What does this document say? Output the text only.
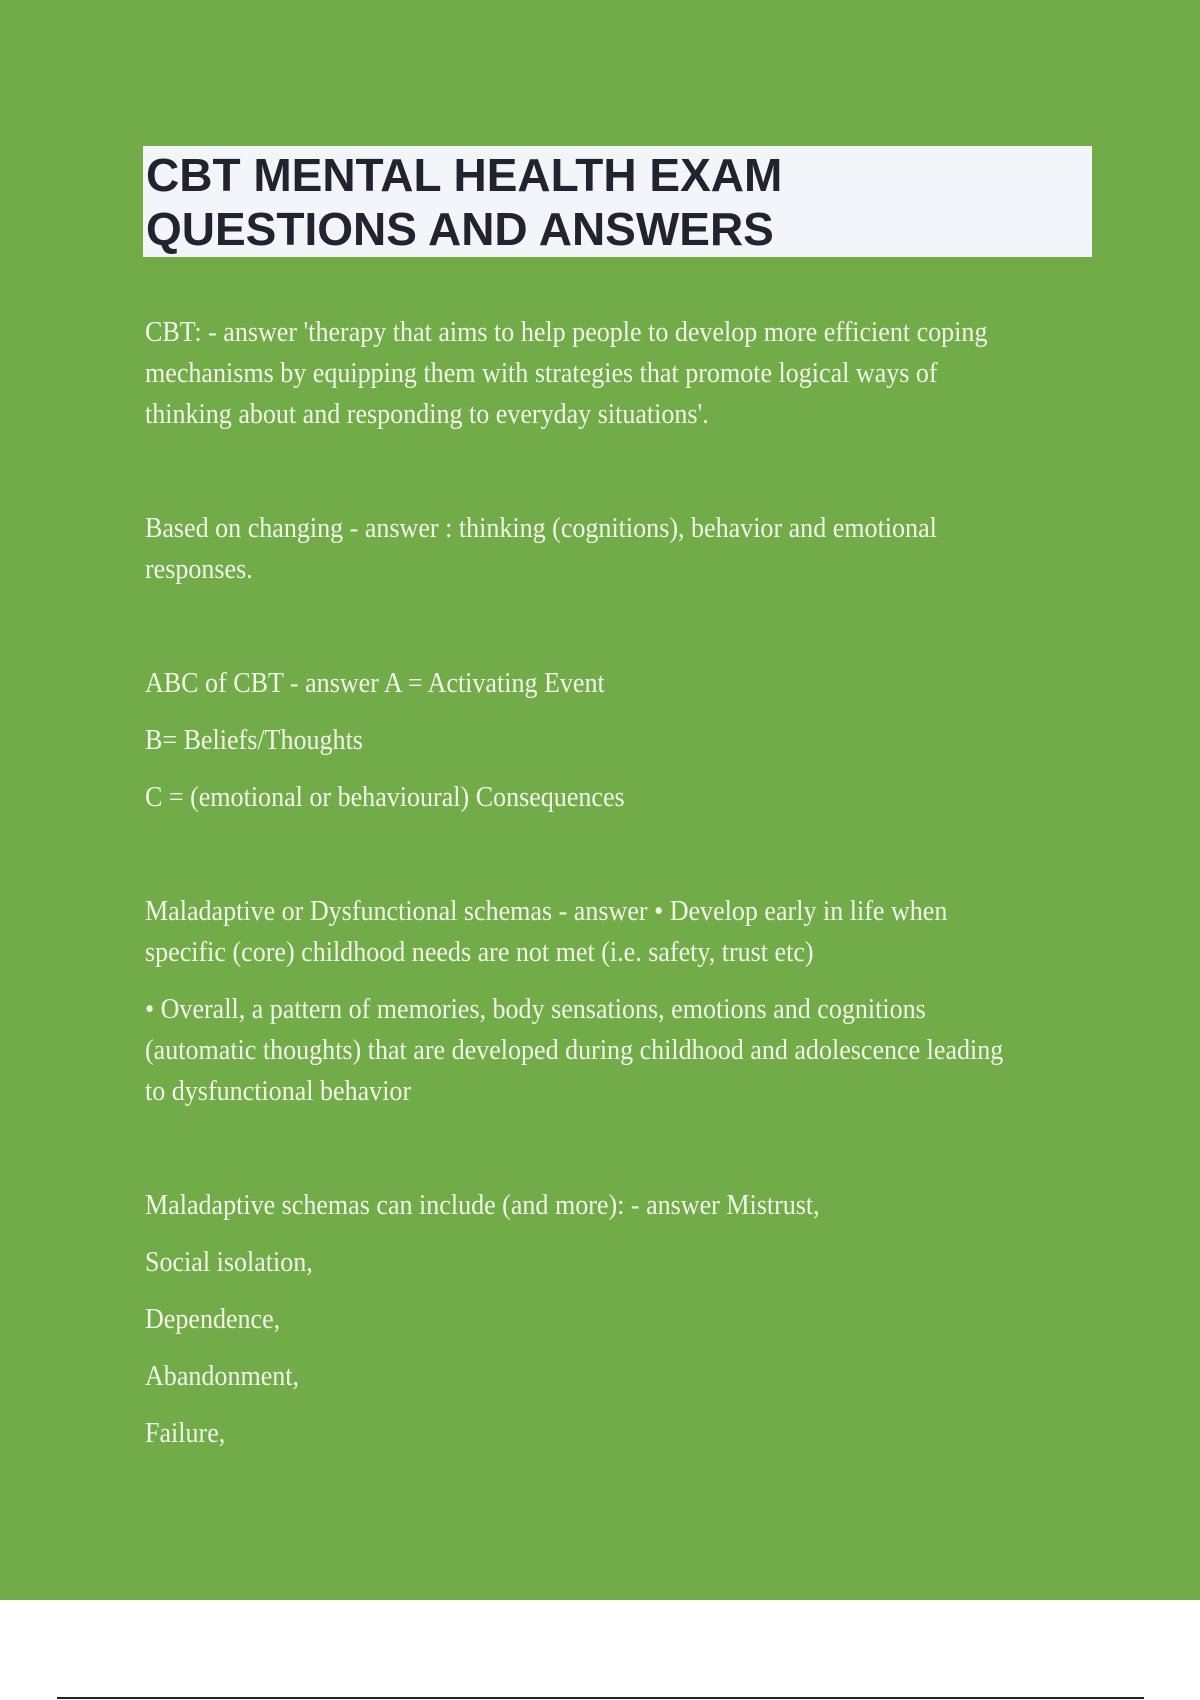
CBT MENTAL HEALTH EXAM

QUESTIONS AND ANSWERS

CBT: - answer 'therapy that aims to help people to develop more efficient coping mechanisms by equipping them with strategies that promote logical ways of thinking about and responding to everyday situations'.

Based on changing - answer : thinking (cognitions), behavior and emotional responses.

ABC of CBT - answer A = Activating Event

B= Beliefs/Thoughts

C = (emotional or behavioural) Consequences

Maladaptive or Dysfunctional schemas - answer • Develop early in life when specific (core) childhood needs are not met (i.e. safety, trust etc)

• Overall, a pattern of memories, body sensations, emotions and cognitions (automatic thoughts) that are developed during childhood and adolescence leading to dysfunctional behavior

Maladaptive schemas can include (and more): - answer Mistrust,

Social isolation,

Dependence,

Abandonment,

Failure,
